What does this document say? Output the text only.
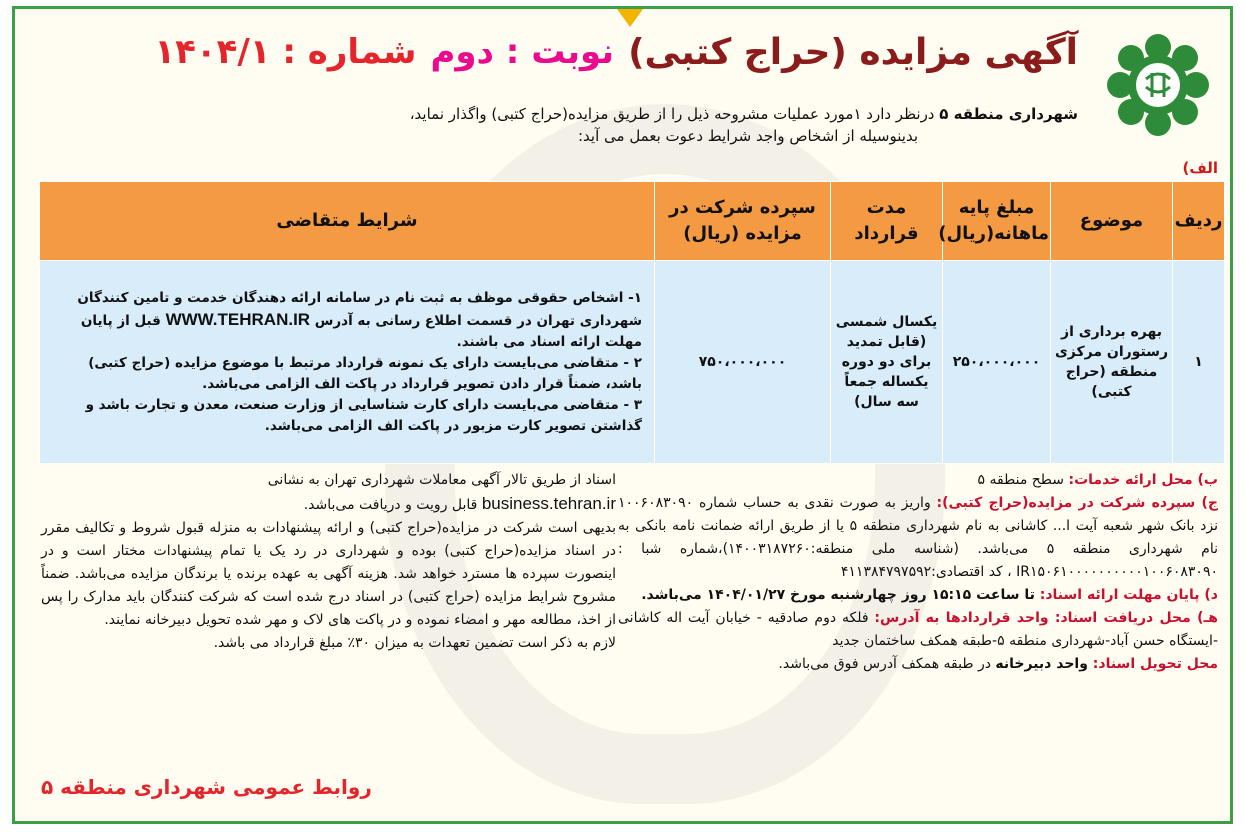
آگهی مزایده (حراج کتبی)
نوبت : دوم
شماره : ۱۴۰۴/۱
شهرداری منطقه ۵ درنظر دارد ۱مورد عملیات مشروحه ذیل را از طریق مزایده(حراج کتبی) واگذار نماید،
بدینوسیله از اشخاص واجد شرایط دعوت بعمل می آید:
الف)
ردیف	موضوع	مبلغ پایه ماهانه(ریال)	مدت قرارداد	سپرده شرکت در مزایده (ریال)	شرایط متقاضی
۱	بهره برداری از رستوران مرکزی منطقه (حراج کتبی)	۲۵۰،۰۰۰،۰۰۰	یکسال شمسی (قابل تمدید برای دو دوره یکساله جمعاً سه سال)	۷۵۰،۰۰۰،۰۰۰	۱- اشخاص حقوقی موظف به ثبت نام در سامانه ارائه دهندگان خدمت و تامین کنندگان شهرداری تهران در قسمت اطلاع رسانی به آدرس WWW.TEHRAN.IR قبل از پایان مهلت ارائه اسناد می باشند.
۲ - متقاضی می‌بایست دارای یک نمونه قرارداد مرتبط با موضوع مزایده (حراج کتبی) باشد، ضمناً قرار دادن تصویر قرارداد در پاکت الف الزامی می‌باشد.
۳ - متقاضی می‌بایست دارای کارت شناسایی از وزارت صنعت، معدن و تجارت باشد و گذاشتن تصویر کارت مزبور در پاکت الف الزامی می‌باشد.
ب) محل ارائه خدمات: سطح منطقه ۵
ج) سپرده شرکت در مزایده(حراج کتبی): واریز به صورت نقدی به حساب شماره ۱۰۰۶۰۸۳۰۹۰ نزد بانک شهر شعبه آیت ا... کاشانی به نام شهرداری منطقه ۵ یا از طریق ارائه ضمانت نامه بانکی به نام شهرداری منطقه ۵ می‌باشد. (شناسه ملی منطقه:۱۴۰۰۳۱۸۷۲۶۰)،شماره شبا : IR۱۵۰۶۱۰۰۰۰۰۰۰۰۰۰۱۰۰۶۰۸۳۰۹۰ ، کد اقتصادی:۴۱۱۳۸۴۷۹۷۵۹۲
د) پایان مهلت ارائه اسناد: تا ساعت ۱۵:۱۵ روز چهارشنبه مورخ ۱۴۰۴/۰۱/۲۷ می‌باشد.
هـ) محل دریافت اسناد: واحد قراردادها به آدرس: فلکه دوم صادقیه - خیابان آیت اله کاشانی -ایستگاه حسن آباد-شهرداری منطقه ۵-طبقه همکف ساختمان جدید
محل تحویل اسناد: واحد دبیرخانه در طبقه همکف آدرس فوق می‌باشد.
اسناد از طریق تالار آگهی معاملات شهرداری تهران به نشانی
business.tehran.ir قابل رویت و دریافت می‌باشد.
بدیهی است شرکت در مزایده(حراج کتبی) و ارائه پیشنهادات به منزله قبول شروط و تکالیف مقرر در اسناد مزایده(حراج کتبی) بوده و شهرداری در رد یک یا تمام پیشنهادات مختار است و در اینصورت سپرده ها مسترد خواهد شد. هزینه آگهی به عهده برنده یا برندگان مزایده می‌باشد. ضمناً مشروح شرایط مزایده (حراج کتبی) در اسناد درج شده است که شرکت کنندگان باید مدارک را پس از اخذ، مطالعه مهر و امضاء نموده و در پاکت های لاک و مهر شده تحویل دبیرخانه نمایند.
لازم به ذکر است تضمین تعهدات به میزان ۳۰٪ مبلغ قرارداد می باشد.
روابط عمومی شهرداری منطقه ۵
